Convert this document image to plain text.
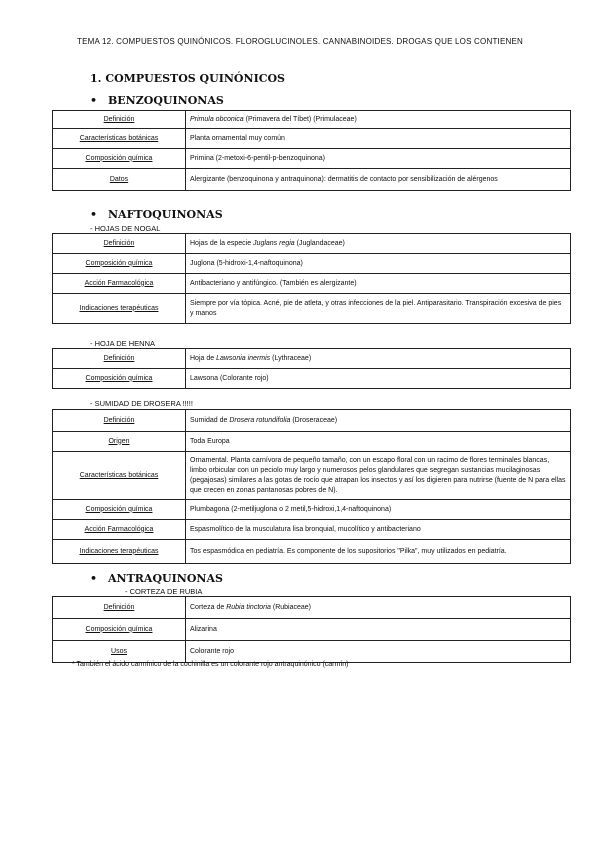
TEMA 12. COMPUESTOS QUINÓNICOS. FLOROGLUCINOLES. CANNABINOIDES. DROGAS QUE LOS CONTIENEN
1. COMPUESTOS QUINÓNICOS
• BENZOQUINONAS
Definición	Primula obconica (Primavera del Tíbet) (Primulaceae)
Características botánicas	Planta ornamental muy común
Composición química	Primina (2-metoxi-6-pentil-p-benzoquinona)
Datos	Alergizante (benzoquinona y antraquinona): dermatitis de contacto por sensibilización de alérgenos
• NAFTOQUINONAS
- HOJAS DE NOGAL
Definición	Hojas de la especie Juglans regia (Juglandaceae)
Composición química	Juglona (5-hidroxi-1,4-naftoquinona)
Acción Farmacológica	Antibacteriano y antifúngico. (También es alergizante)
Indicaciones terapéuticas	Siempre por vía tópica. Acné, pie de atleta, y otras infecciones de la piel. Antiparasitario. Transpiración excesiva de pies y manos
- HOJA DE HENNA
Definición	Hoja de Lawsonia inermis (Lythraceae)
Composición química	Lawsona (Colorante rojo)
- SUMIDAD DE DROSERA !!!!!
Definición	Sumidad de Drosera rotundifolia (Droseraceae)
Origen	Toda Europa
Características botánicas	Ornamental. Planta carnívora de pequeño tamaño, con un escapo floral con un racimo de flores terminales blancas, limbo orbicular con un peciolo muy largo y numerosos pelos glandulares que segregan sustancias mucilaginosas (pegajosas) similares a las gotas de rocío que atrapan los insectos y así los digieren para nutrirse (fuente de N para ellas que crecen en zonas pantanosas pobres de N).
Composición química	Plumbagona (2-metiljuglona o 2 metil,5-hidroxi,1,4-naftoquinona)
Acción Farmacológica	Espasmolítico de la musculatura lisa bronquial, mucolítico y antibacteriano
Indicaciones terapéuticas	Tos espasmódica en pediatría. Es componente de los supositorios "Pilka", muy utilizados en pediatría.
• ANTRAQUINONAS
- CORTEZA DE RUBIA
Definición	Corteza de Rubia tinctoria (Rubiaceae)
Composición química	Alizarina
Usos	Colorante rojo
* También el ácido carmínico de la cochinilla es un colorante rojo antraquinónico (carmín)
